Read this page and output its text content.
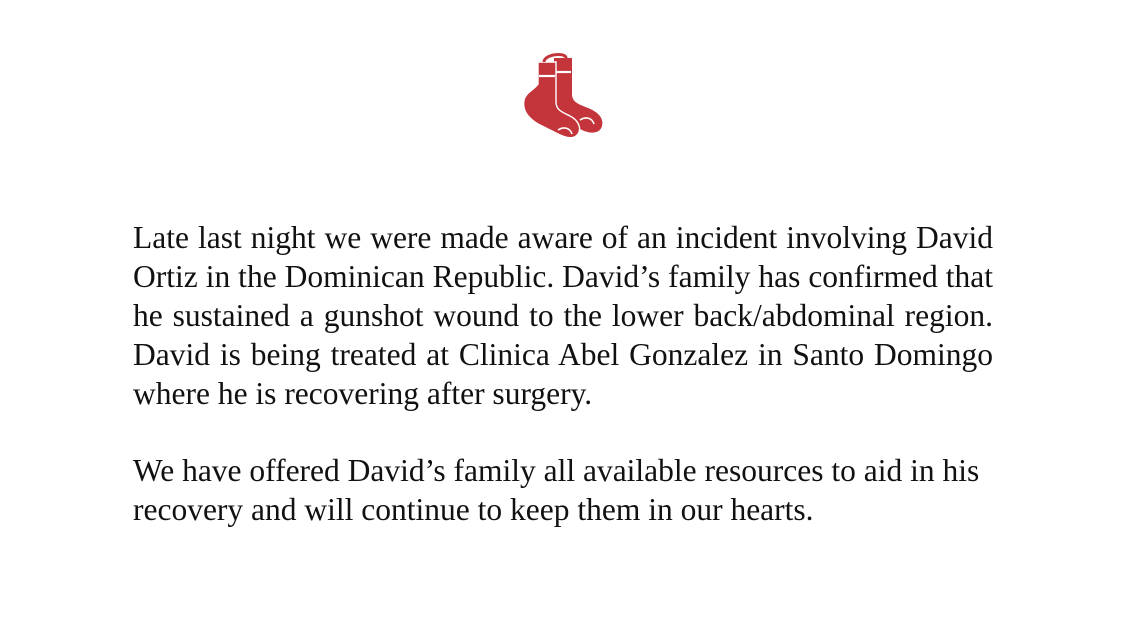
Late last night we were made aware of an incident involving David Ortiz in the Dominican Republic. David’s family has confirmed that he sustained a gunshot wound to the lower back/abdominal region. David is being treated at Clinica Abel Gonzalez in Santo Domingo where he is recovering after surgery.

We have offered David’s family all available resources to aid in his recovery and will continue to keep them in our hearts.
